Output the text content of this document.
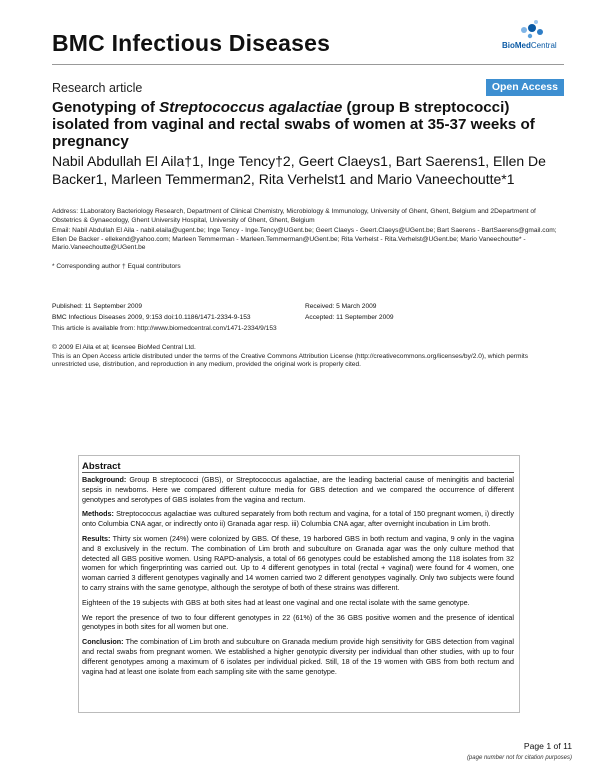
BMC Infectious Diseases	BioMedCentral
Research article	Open Access
Genotyping of Streptococcus agalactiae (group B streptococci) isolated from vaginal and rectal swabs of women at 35-37 weeks of pregnancy
Nabil Abdullah El Aila†1, Inge Tency†2, Geert Claeys1, Bart Saerens1, Ellen De Backer1, Marleen Temmerman2, Rita Verhelst1 and Mario Vaneechoutte*1
Address: 1Laboratory Bacteriology Research, Department of Clinical Chemistry, Microbiology & Immunology, University of Ghent, Ghent, Belgium and 2Department of Obstetrics & Gynaecology, Ghent University Hospital, University of Ghent, Ghent, Belgium
Email: Nabil Abdullah El Aila - nabil.elaila@ugent.be; Inge Tency - Inge.Tency@UGent.be; Geert Claeys - Geert.Claeys@UGent.be; Bart Saerens - BartSaerens@gmail.com; Ellen De Backer - ellekend@yahoo.com; Marleen Temmerman - Marleen.Temmerman@UGent.be; Rita Verhelst - Rita.Verhelst@UGent.be; Mario Vaneechoutte* - Mario.Vaneechoutte@UGent.be
* Corresponding author † Equal contributors
Published: 11 September 2009
BMC Infectious Diseases 2009, 9:153 doi:10.1186/1471-2334-9-153
Received: 5 March 2009
Accepted: 11 September 2009
This article is available from: http://www.biomedcentral.com/1471-2334/9/153
© 2009 El Aila et al; licensee BioMed Central Ltd.
This is an Open Access article distributed under the terms of the Creative Commons Attribution License (http://creativecommons.org/licenses/by/2.0), which permits unrestricted use, distribution, and reproduction in any medium, provided the original work is properly cited.
Abstract

Background: Group B streptococci (GBS), or Streptococcus agalactiae, are the leading bacterial cause of meningitis and bacterial sepsis in newborns. Here we compared different culture media for GBS detection and we compared the occurrence of different genotypes and serotypes of GBS isolates from the vagina and rectum.

Methods: Streptococcus agalactiae was cultured separately from both rectum and vagina, for a total of 150 pregnant women, i) directly onto Columbia CNA agar, or indirectly onto ii) Granada agar resp. iii) Columbia CNA agar, after overnight incubation in Lim broth.

Results: Thirty six women (24%) were colonized by GBS. Of these, 19 harbored GBS in both rectum and vagina, 9 only in the vagina and 8 exclusively in the rectum. The combination of Lim broth and subculture on Granada agar was the only culture method that detected all GBS positive women. Using RAPD-analysis, a total of 66 genotypes could be established among the 118 isolates from 32 women for which fingerprinting was carried out. Up to 4 different genotypes in total (rectal + vaginal) were found for 4 women, one woman carried 3 different genotypes vaginally and 14 women carried two 2 different genotypes vaginally. Only two subjects were found to carry strains with the same genotype, although the serotype of both of these strains was different.

Eighteen of the 19 subjects with GBS at both sites had at least one vaginal and one rectal isolate with the same genotype.

We report the presence of two to four different genotypes in 22 (61%) of the 36 GBS positive women and the presence of identical genotypes in both sites for all women but one.

Conclusion: The combination of Lim broth and subculture on Granada medium provide high sensitivity for GBS detection from vaginal and rectal swabs from pregnant women. We established a higher genotypic diversity per individual than other studies, with up to four different genotypes among a maximum of 6 isolates per individual picked. Still, 18 of the 19 women with GBS from both rectum and vagina had at least one isolate from each sampling site with the same genotype.

Page 1 of 11
(page number not for citation purposes)
